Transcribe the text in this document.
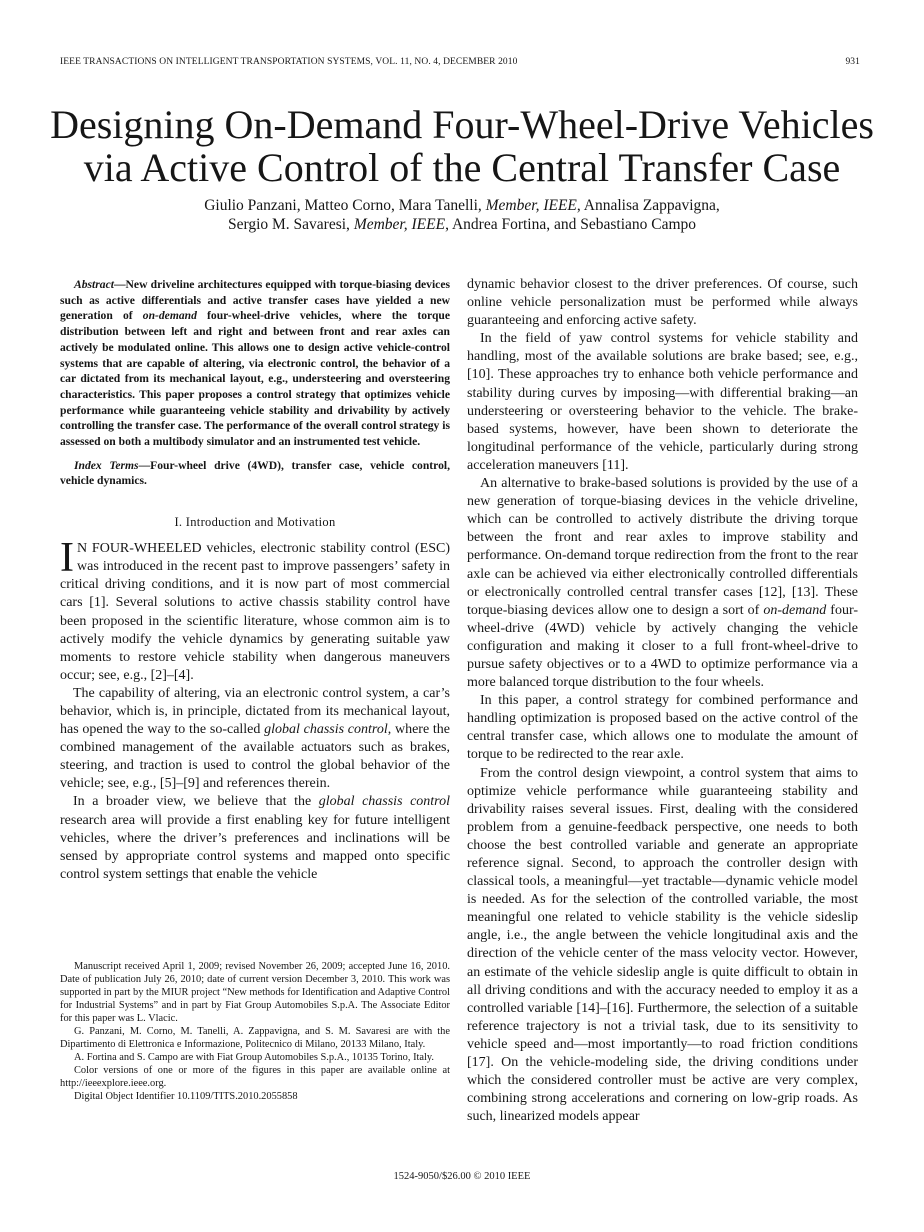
IEEE TRANSACTIONS ON INTELLIGENT TRANSPORTATION SYSTEMS, VOL. 11, NO. 4, DECEMBER 2010	931
Designing On-Demand Four-Wheel-Drive Vehicles
via Active Control of the Central Transfer Case
Giulio Panzani, Matteo Corno, Mara Tanelli, Member, IEEE, Annalisa Zappavigna,
Sergio M. Savaresi, Member, IEEE, Andrea Fortina, and Sebastiano Campo

Abstract—New driveline architectures equipped with torque-biasing devices such as active differentials and active transfer cases have yielded a new generation of on-demand four-wheel-drive vehicles, where the torque distribution between left and right and between front and rear axles can actively be modulated online. This allows one to design active vehicle-control systems that are capable of altering, via electronic control, the behavior of a car dictated from its mechanical layout, e.g., understeering and oversteering characteristics. This paper proposes a control strategy that optimizes vehicle performance while guaranteeing vehicle stability and drivability by actively controlling the transfer case. The performance of the overall control strategy is assessed on both a multibody simulator and an instrumented test vehicle.

Index Terms—Four-wheel drive (4WD), transfer case, vehicle control, vehicle dynamics.

I. Introduction and Motivation

I N FOUR-WHEELED vehicles, electronic stability control (ESC) was introduced in the recent past to improve passengers’ safety in critical driving conditions, and it is now part of most commercial cars [1]. Several solutions to active chassis stability control have been proposed in the scientific literature, whose common aim is to actively modify the vehicle dynamics by generating suitable yaw moments to restore vehicle stability when dangerous maneuvers occur; see, e.g., [2]–[4].

The capability of altering, via an electronic control system, a car’s behavior, which is, in principle, dictated from its mechanical layout, has opened the way to the so-called global chassis control, where the combined management of the available actuators such as brakes, steering, and traction is used to control the global behavior of the vehicle; see, e.g., [5]–[9] and references therein.

In a broader view, we believe that the global chassis control research area will provide a first enabling key for future intelligent vehicles, where the driver’s preferences and inclinations will be sensed by appropriate control systems and mapped onto specific control system settings that enable the vehicle

Manuscript received April 1, 2009; revised November 26, 2009; accepted June 16, 2010. Date of publication July 26, 2010; date of current version December 3, 2010. This work was supported in part by the MIUR project “New methods for Identification and Adaptive Control for Industrial Systems” and in part by Fiat Group Automobiles S.p.A. The Associate Editor for this paper was L. Vlacic.

G. Panzani, M. Corno, M. Tanelli, A. Zappavigna, and S. M. Savaresi are with the Dipartimento di Elettronica e Informazione, Politecnico di Milano, 20133 Milano, Italy.

A. Fortina and S. Campo are with Fiat Group Automobiles S.p.A., 10135 Torino, Italy.

Color versions of one or more of the figures in this paper are available online at http://ieeexplore.ieee.org.

Digital Object Identifier 10.1109/TITS.2010.2055858

dynamic behavior closest to the driver preferences. Of course, such online vehicle personalization must be performed while always guaranteeing and enforcing active safety.

In the field of yaw control systems for vehicle stability and handling, most of the available solutions are brake based; see, e.g., [10]. These approaches try to enhance both vehicle performance and stability during curves by imposing—with differential braking—an understeering or oversteering behavior to the vehicle. The brake-based systems, however, have been shown to deteriorate the longitudinal performance of the vehicle, particularly during strong acceleration maneuvers [11].

An alternative to brake-based solutions is provided by the use of a new generation of torque-biasing devices in the vehicle driveline, which can be controlled to actively distribute the driving torque between the front and rear axles to improve stability and performance. On-demand torque redirection from the front to the rear axle can be achieved via either electronically controlled differentials or electronically controlled central transfer cases [12], [13]. These torque-biasing devices allow one to design a sort of on-demand four-wheel-drive (4WD) vehicle by actively changing the vehicle configuration and making it closer to a full front-wheel-drive to pursue safety objectives or to a 4WD to optimize performance via a more balanced torque distribution to the four wheels.

In this paper, a control strategy for combined performance and handling optimization is proposed based on the active control of the central transfer case, which allows one to modulate the amount of torque to be redirected to the rear axle.

From the control design viewpoint, a control system that aims to optimize vehicle performance while guaranteeing stability and drivability raises several issues. First, dealing with the considered problem from a genuine-feedback perspective, one needs to both choose the best controlled variable and generate an appropriate reference signal. Second, to approach the controller design with classical tools, a meaningful—yet tractable—dynamic vehicle model is needed. As for the selection of the controlled variable, the most meaningful one related to vehicle stability is the vehicle sideslip angle, i.e., the angle between the vehicle longitudinal axis and the direction of the vehicle center of the mass velocity vector. However, an estimate of the vehicle sideslip angle is quite difficult to obtain in all driving conditions and with the accuracy needed to employ it as a controlled variable [14]–[16]. Furthermore, the selection of a suitable reference trajectory is not a trivial task, due to its sensitivity to vehicle speed and—most importantly—to road friction conditions [17]. On the vehicle-modeling side, the driving conditions under which the considered controller must be active are very complex, combining strong accelerations and cornering on low-grip roads. As such, linearized models appear

1524-9050/$26.00 © 2010 IEEE
